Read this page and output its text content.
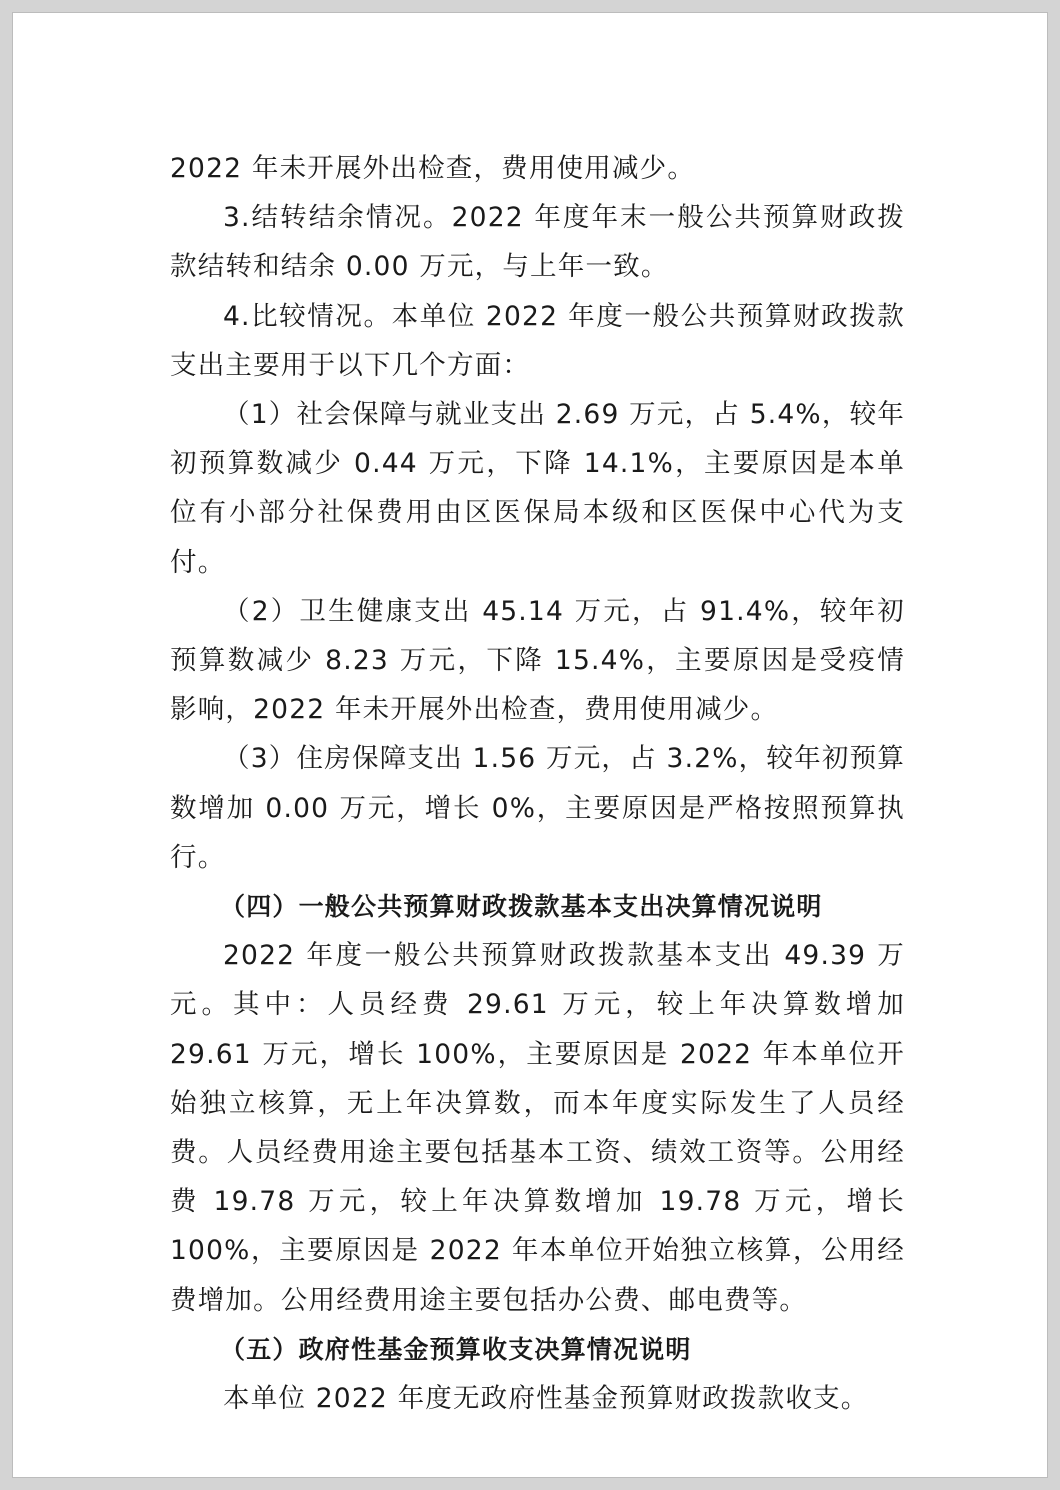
2022 年未开展外出检查，费用使用减少。

3.结转结余情况。2022 年度年末一般公共预算财政拨款结转和结余 0.00 万元，与上年一致。

4.比较情况。本单位 2022 年度一般公共预算财政拨款支出主要用于以下几个方面：

（1）社会保障与就业支出 2.69 万元，占 5.4%，较年初预算数减少 0.44 万元，下降 14.1%，主要原因是本单位有小部分社保费用由区医保局本级和区医保中心代为支付。

（2）卫生健康支出 45.14 万元，占 91.4%，较年初预算数减少 8.23 万元，下降 15.4%，主要原因是受疫情影响，2022 年未开展外出检查，费用使用减少。

（3）住房保障支出 1.56 万元，占 3.2%，较年初预算数增加 0.00 万元，增长 0%，主要原因是严格按照预算执行。

（四）一般公共预算财政拨款基本支出决算情况说明

2022 年度一般公共预算财政拨款基本支出 49.39 万元。其中：人员经费 29.61 万元，较上年决算数增加 29.61 万元，增长 100%，主要原因是 2022 年本单位开始独立核算，无上年决算数，而本年度实际发生了人员经费。人员经费用途主要包括基本工资、绩效工资等。公用经费 19.78 万元，较上年决算数增加 19.78 万元，增长 100%，主要原因是 2022 年本单位开始独立核算，公用经费增加。公用经费用途主要包括办公费、邮电费等。

（五）政府性基金预算收支决算情况说明

本单位 2022 年度无政府性基金预算财政拨款收支。
